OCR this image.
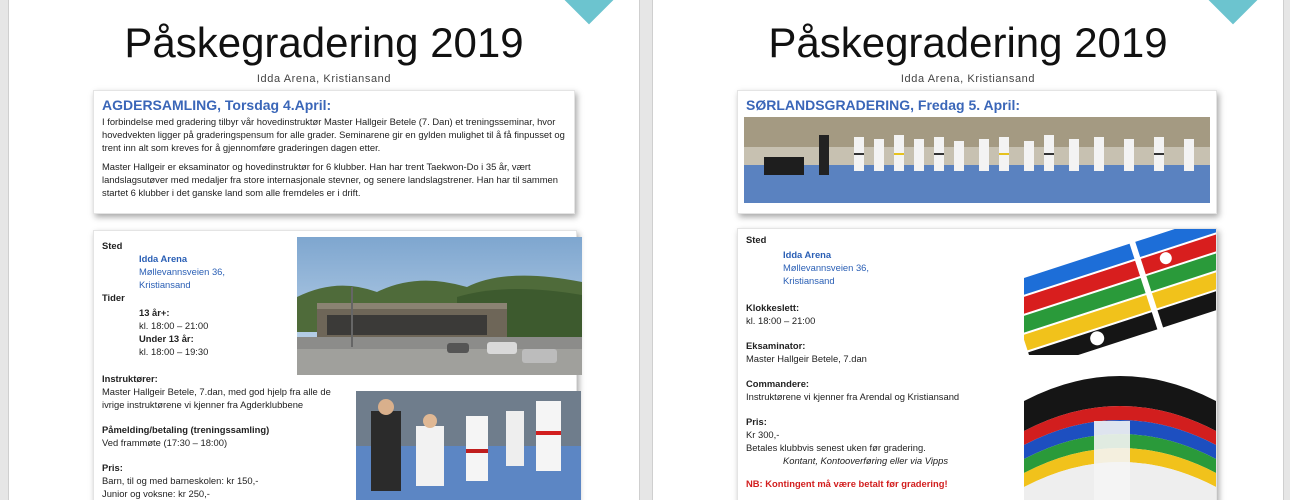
Påskegradering 2019
Idda Arena, Kristiansand
AGDERSAMLING, Torsdag 4.April:

I forbindelse med gradering tilbyr vår hovedinstruktør Master Hallgeir Betele (7. Dan) et treningsseminar, hvor hovedvekten ligger på graderingspensum for alle grader. Seminarene gir en gylden mulighet til å få finpusset og trent inn alt som kreves for å gjennomføre graderingen dagen etter.

Master Hallgeir er eksaminator og hovedinstruktør for 6 klubber. Han har trent Taekwon-Do i 35 år, vært landslagsutøver med medaljer fra store internasjonale stevner, og senere landslagstrener. Han har til sammen startet 6 klubber i det ganske land som alle fremdeles er i drift.

Sted
Idda Arena
Møllevannsveien 36,
Kristiansand
Tider
13 år+:
kl. 18:00 – 21:00
Under 13 år:
kl. 18:00 – 19:30
Instruktører:
Master Hallgeir Betele, 7.dan, med god hjelp fra alle de ivrige instruktørene vi kjenner fra Agderklubbene
Påmelding/betaling (treningssamling)
Ved frammøte (17:30 – 18:00)
Pris:
Barn, til og med barneskolen: kr 150,-
Junior og voksne: kr 250,-
Påskegradering 2019
Idda Arena, Kristiansand
SØRLANDSGRADERING, Fredag 5. April:
Sted
Idda Arena
Møllevannsveien 36,
Kristiansand
Klokkeslett:
kl. 18:00 – 21:00
Eksaminator:
Master Hallgeir Betele, 7.dan
Commandere:
Instruktørene vi kjenner fra Arendal og Kristiansand
Pris:
Kr 300,-
Betales klubbvis senest uken før gradering.
Kontant, Kontooverføring eller via Vipps
NB: Kontingent må være betalt før gradering!
